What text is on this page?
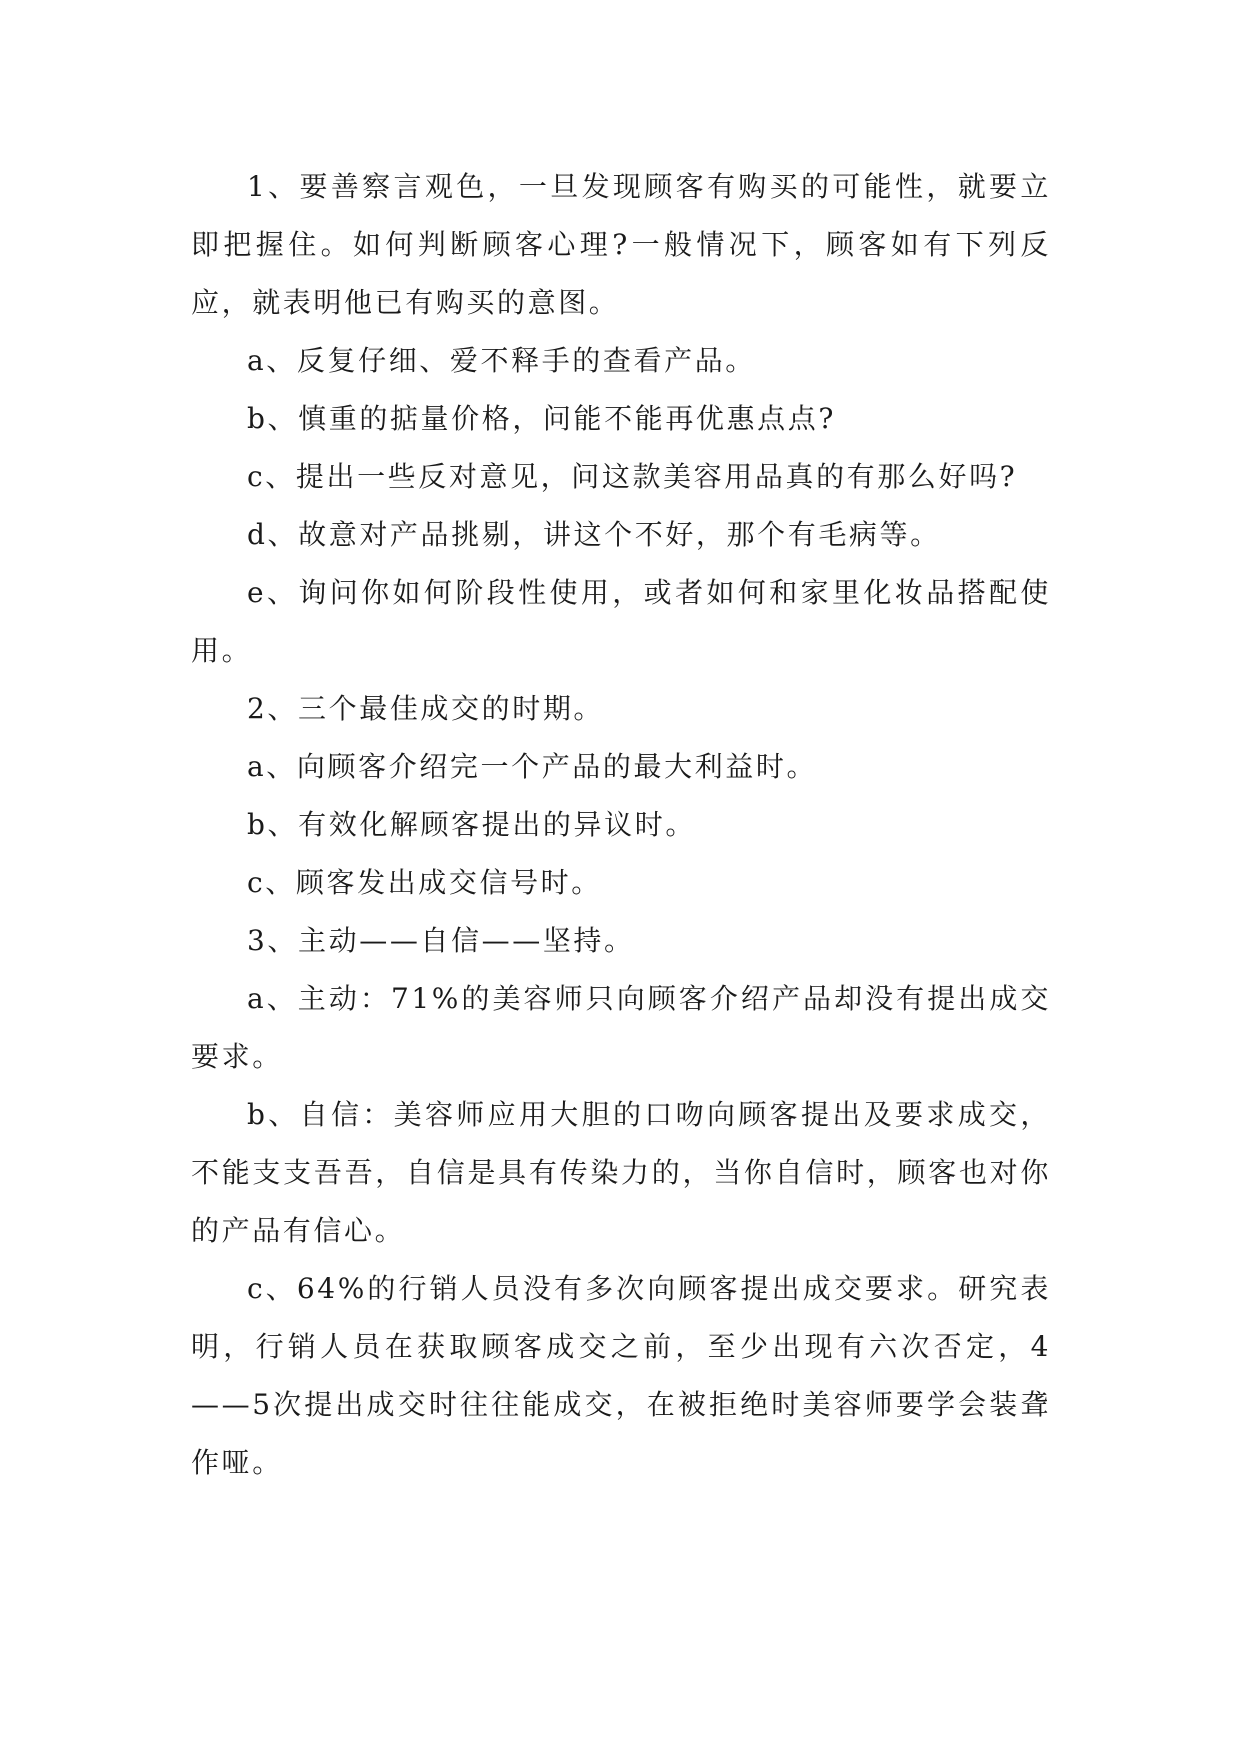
1、要善察言观色，一旦发现顾客有购买的可能性，就要立即把握住。如何判断顾客心理?一般情况下，顾客如有下列反应，就表明他已有购买的意图。

a、反复仔细、爱不释手的查看产品。

b、慎重的掂量价格，问能不能再优惠点点?

c、提出一些反对意见，问这款美容用品真的有那么好吗?

d、故意对产品挑剔，讲这个不好，那个有毛病等。

e、询问你如何阶段性使用，或者如何和家里化妆品搭配使用。

2、三个最佳成交的时期。

a、向顾客介绍完一个产品的最大利益时。

b、有效化解顾客提出的异议时。

c、顾客发出成交信号时。

3、主动——自信——坚持。

a、主动：71%的美容师只向顾客介绍产品却没有提出成交要求。

b、自信：美容师应用大胆的口吻向顾客提出及要求成交，不能支支吾吾，自信是具有传染力的，当你自信时，顾客也对你的产品有信心。

c、64%的行销人员没有多次向顾客提出成交要求。研究表明，行销人员在获取顾客成交之前，至少出现有六次否定，4——5次提出成交时往往能成交，在被拒绝时美容师要学会装聋作哑。
